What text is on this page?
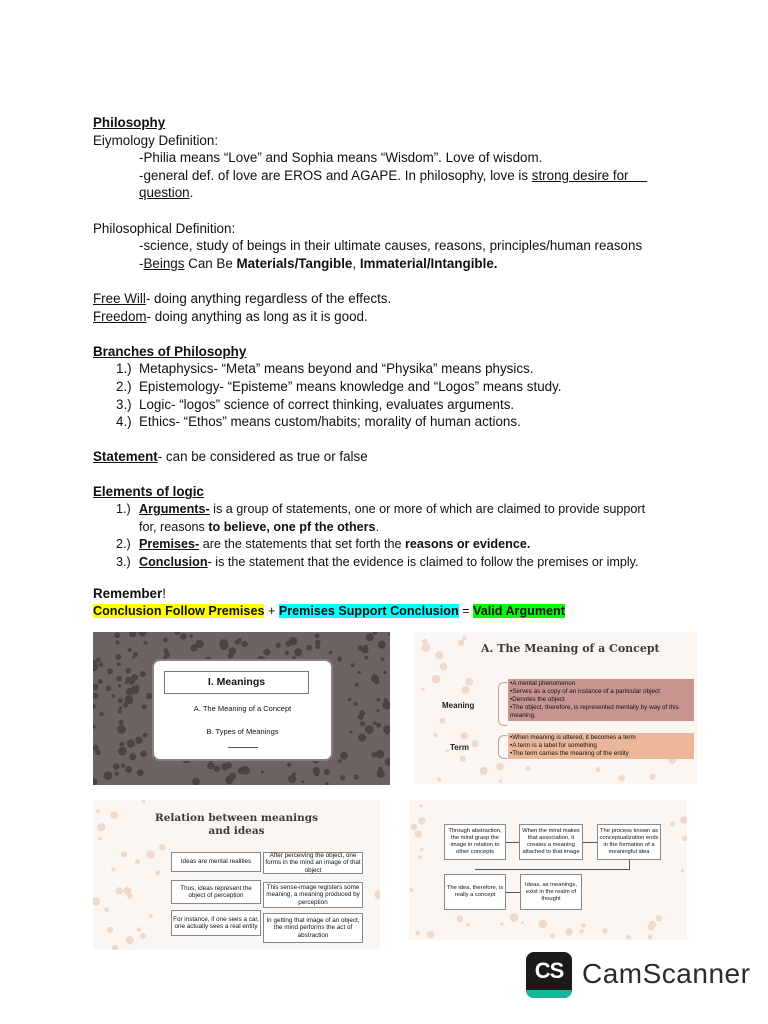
Philosophy
Eiymology Definition:
-Philia means “Love” and Sophia means “Wisdom”. Love of wisdom.
-general def. of love are EROS and AGAPE. In philosophy, love is strong desire for
question.
Philosophical Definition:
-science, study of beings in their ultimate causes, reasons, principles/human reasons
-Beings Can Be Materials/Tangible, Immaterial/Intangible.
Free Will- doing anything regardless of the effects.
Freedom- doing anything as long as it is good.
Branches of Philosophy
1.) Metaphysics- “Meta” means beyond and “Physika” means physics.
2.) Epistemology- “Episteme” means knowledge and “Logos” means study.
3.) Logic- “logos” science of correct thinking, evaluates arguments.
4.) Ethics- “Ethos” means custom/habits; morality of human actions.
Statement- can be considered as true or false
Elements of logic
1.) Arguments- is a group of statements, one or more of which are claimed to provide support
for, reasons to believe, one pf the others.
2.) Premises- are the statements that set forth the reasons or evidence.
3.) Conclusion- is the statement that the evidence is claimed to follow the premises or imply.
Remember!
Conclusion Follow Premises + Premises Support Conclusion = Valid Argument
I. Meanings
A. The Meaning of a Concept
B. Types of Meanings
A. The Meaning of a Concept
Meaning
• A mental phenomenon
• Serves as a copy of an instance of a particular object
• Denotes the object
• The object, therefore, is represented mentally by way of this meaning.
Term
• When meaning is uttered, it becomes a term
• A term is a label for something
• The term carries the meaning of the entity
Relation between meanings
and ideas
Ideas are mental realities
Thus, ideas represent the object of perception
For instance, if one sees a car, one actually sees a real entity
After perceiving the object, one forms in the mind an image of that object
This sense-image registers some meaning, a meaning produced by perception
In getting that image of an object, the mind performs the act of abstraction
Through abstraction, the mind grasp the image in relation to other concepts
When the mind makes that association, it creates a meaning attached to that image
The process known as conceptualization ends in the formation of a meaningful idea
The idea, therefore, is really a concept
Ideas, as meanings, exist in the realm of thought
CS CamScanner
